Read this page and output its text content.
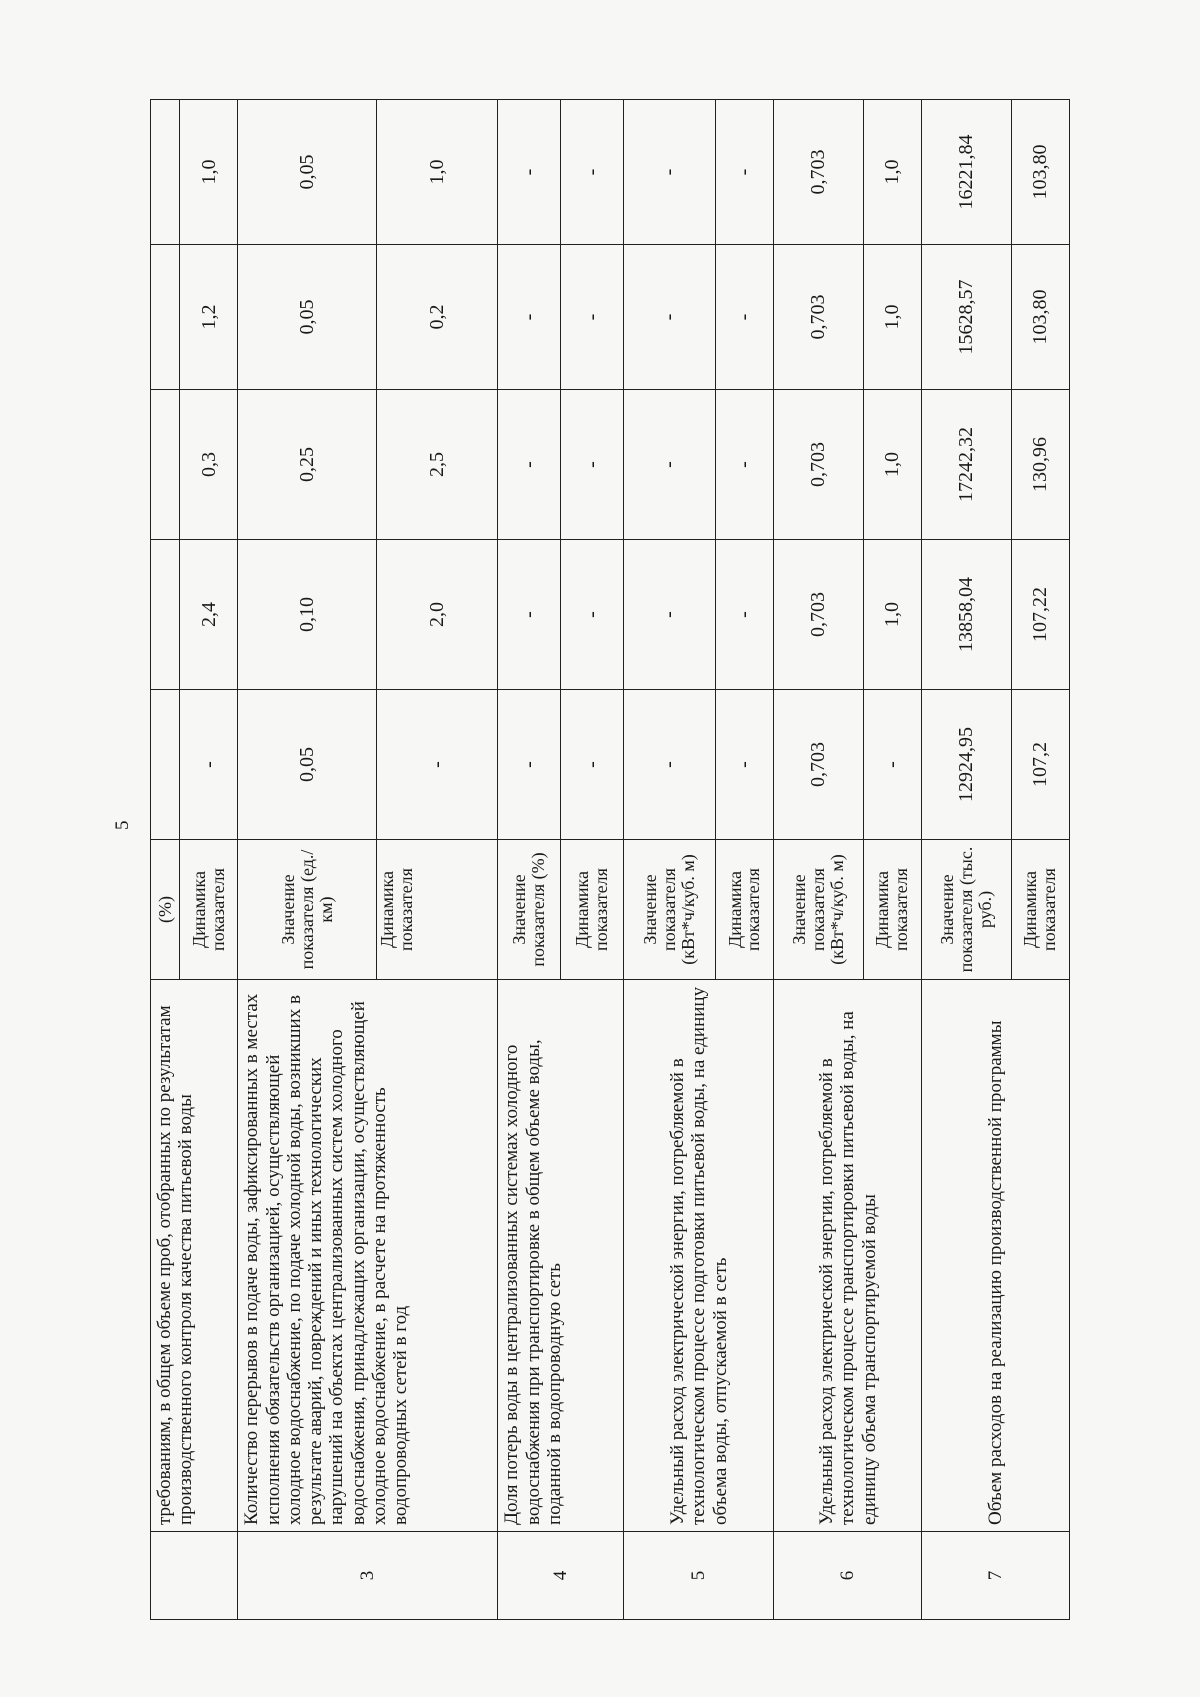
5
	требованиям, в общем объеме проб, отобранных по результатам производственного контроля качества питьевой воды	(%)					
		Динамика показателя	-	2,4	0,3	1,2	1,0
3	Количество перерывов в подаче воды, зафиксированных в местах исполнения обязательств организацией, осуществляющей холодное водоснабжение, по подаче холодной воды, возникших в результате аварий, повреждений и иных технологических нарушений на объектах централизованных систем холодного водоснабжения, принадлежащих организации, осуществляющей холодное водоснабжение, в расчете на протяженность водопроводных сетей в год	Значение показателя (ед./км)	0,05	0,10	0,25	0,05	0,05
		Динамика показателя	-	2,0	2,5	0,2	1,0
4	Доля потерь воды в централизованных системах холодного водоснабжения при транспортировке в общем объеме воды, поданной в водопроводную сеть	Значение показателя (%)	-	-	-	-	-
		Динамика показателя	-	-	-	-	-
5	Удельный расход электрической энергии, потребляемой в технологическом процессе подготовки питьевой воды, на единицу объема воды, отпускаемой в сеть	Значение показателя (кВт*ч/куб. м)	-	-	-	-	-
		Динамика показателя	-	-	-	-	-
6	Удельный расход электрической энергии, потребляемой в технологическом процессе транспортировки питьевой воды, на единицу объема транспортируемой воды	Значение показателя (кВт*ч/куб. м)	0,703	0,703	0,703	0,703	0,703
		Динамика показателя	-	1,0	1,0	1,0	1,0
7	Объем расходов на реализацию производственной программы	Значение показателя (тыс. руб.)	12924,95	13858,04	17242,32	15628,57	16221,84
		Динамика показателя	107,2	107,22	130,96	103,80	103,80
